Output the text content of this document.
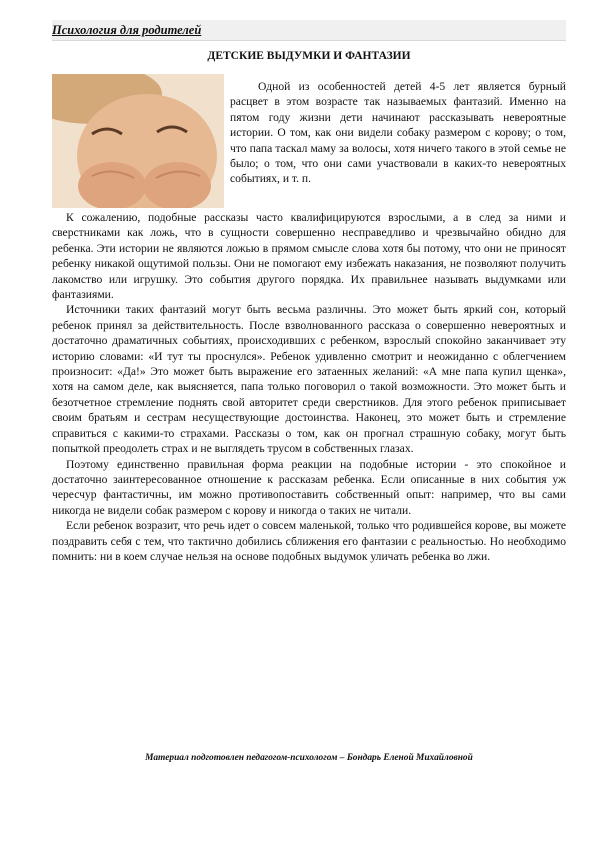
Психология для родителей
ДЕТСКИЕ ВЫДУМКИ И ФАНТАЗИИ

Одной из особенностей детей 4-5 лет является бурный расцвет в этом возрасте так называемых фантазий. Именно на пятом году жизни дети начинают рассказывать невероятные истории. О том, как они видели собаку размером с корову; о том, что папа таскал маму за волосы, хотя ничего такого в этой семье не было; о том, что они сами участвовали в каких-то невероятных событиях, и т. п.

К сожалению, подобные рассказы часто квалифицируются взрослыми, а в след за ними и сверстниками как ложь, что в сущности совершенно несправедливо и чрезвычайно обидно для ребенка. Эти истории не являются ложью в прямом смысле слова хотя бы потому, что они не приносят ребенку никакой ощутимой пользы. Они не помогают ему избежать наказания, не позволяют получить лакомство или игрушку. Это события другого порядка. Их правильнее называть выдумками или фантазиями.

Источники таких фантазий могут быть весьма различны. Это может быть яркий сон, который ребенок принял за действительность. После взволнованного рассказа о совершенно невероятных и достаточно драматичных событиях, происходивших с ребенком, взрослый спокойно заканчивает эту историю словами: «И тут ты проснулся». Ребенок удивленно смотрит и неожиданно с облегчением произносит: «Да!» Это может быть выражение его затаенных желаний: «А мне папа купил щенка», хотя на самом деле, как выясняется, папа только поговорил о такой возможности. Это может быть и безотчетное стремление поднять свой авторитет среди сверстников. Для этого ребенок приписывает своим братьям и сестрам несуществующие достоинства. Наконец, это может быть и стремление справиться с какими-то страхами. Рассказы о том, как он прогнал страшную собаку, могут быть попыткой преодолеть страх и не выглядеть трусом в собственных глазах.

Поэтому единственно правильная форма реакции на подобные истории - это спокойное и достаточно заинтересованное отношение к рассказам ребенка. Если описанные в них события уж чересчур фантастичны, им можно противопоставить собственный опыт: например, что вы сами никогда не видели собак размером с корову и никогда о таких не читали.

Если ребенок возразит, что речь идет о совсем маленькой, только что родившейся корове, вы можете поздравить себя с тем, что тактично добились сближения его фантазии с реальностью. Но необходимо помнить: ни в коем случае нельзя на основе подобных выдумок уличать ребенка во лжи.

Материал подготовлен педагогом-психологом – Бондарь Еленой Михайловной
